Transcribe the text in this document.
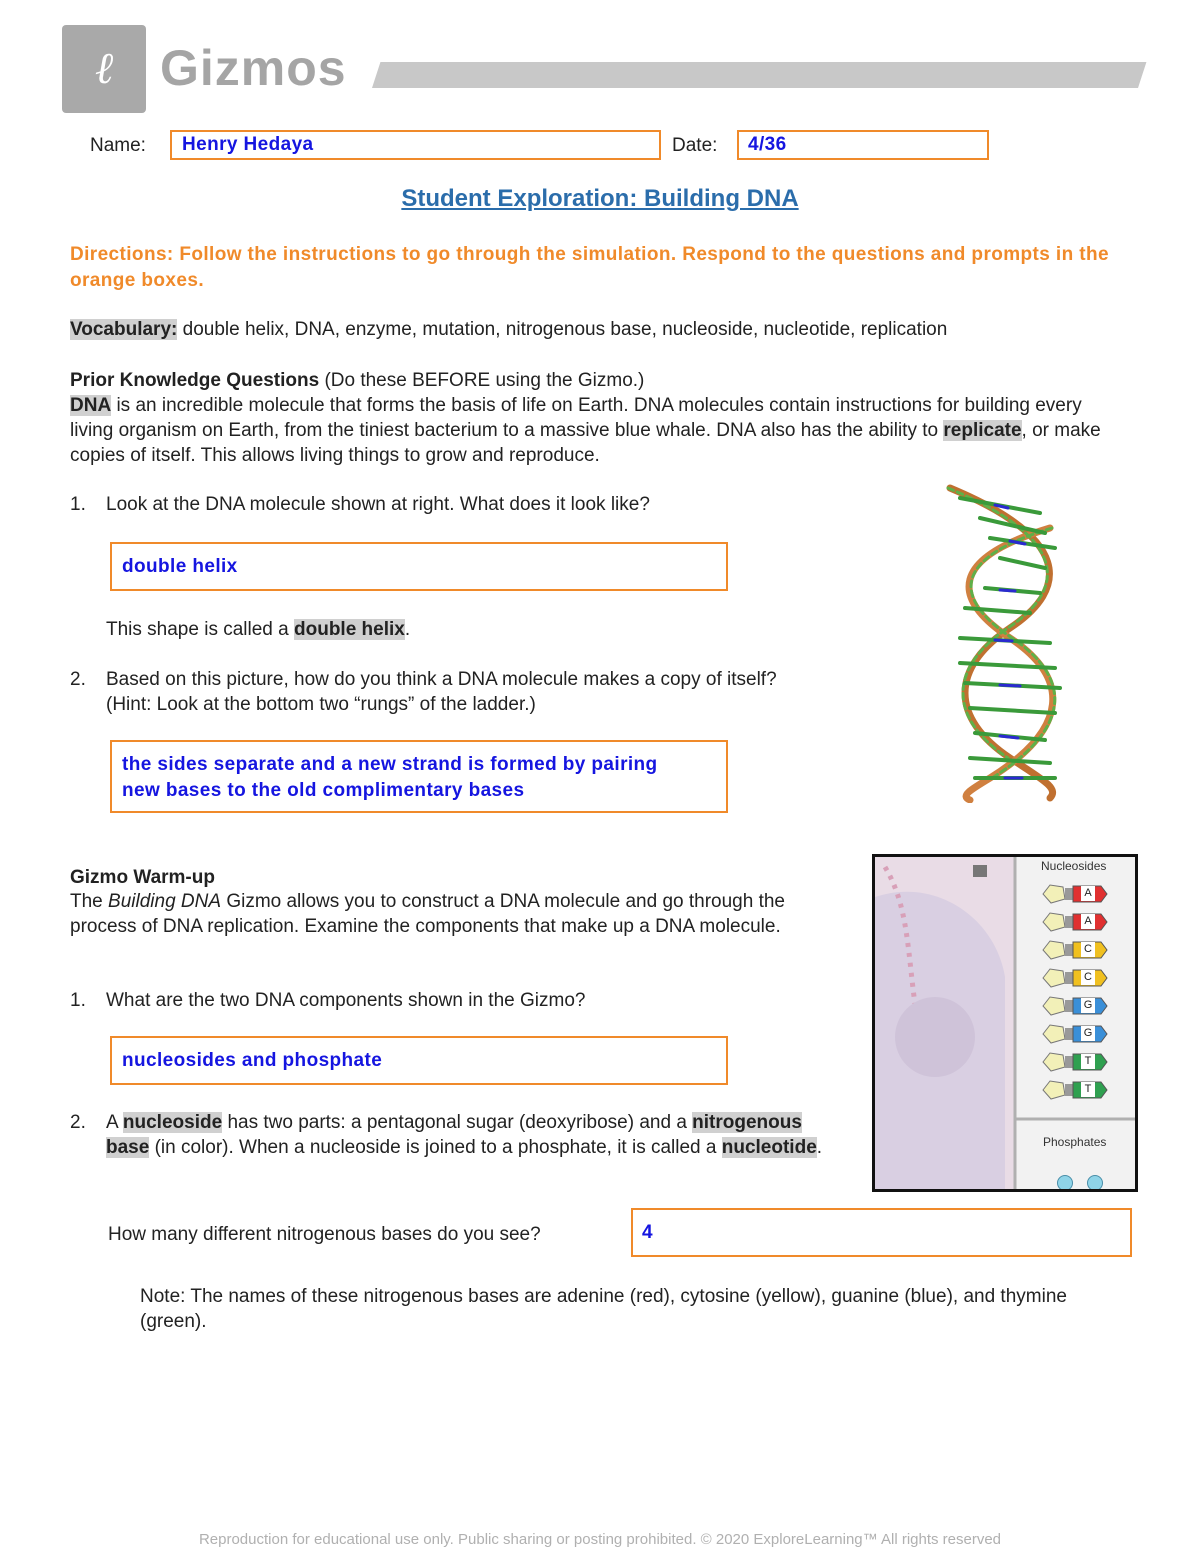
ℓ Gizmos
Name: Henry Hedaya	Date: 4/36
Student Exploration: Building DNA
Directions: Follow the instructions to go through the simulation. Respond to the questions and prompts in the orange boxes.
Vocabulary: double helix, DNA, enzyme, mutation, nitrogenous base, nucleoside, nucleotide, replication
Prior Knowledge Questions (Do these BEFORE using the Gizmo.)
DNA is an incredible molecule that forms the basis of life on Earth. DNA molecules contain instructions for building every living organism on Earth, from the tiniest bacterium to a massive blue whale. DNA also has the ability to replicate, or make copies of itself. This allows living things to grow and reproduce.
1. Look at the DNA molecule shown at right. What does it look like?
double helix
This shape is called a double helix.
2. Based on this picture, how do you think a DNA molecule makes a copy of itself?
(Hint: Look at the bottom two “rungs” of the ladder.)
the sides separate and a new strand is formed by pairing
new bases to the old complimentary bases
Gizmo Warm-up
The Building DNA Gizmo allows you to construct a DNA molecule and go through the process of DNA replication. Examine the components that make up a DNA molecule.
1. What are the two DNA components shown in the Gizmo?
nucleosides and phosphate
2. A nucleoside has two parts: a pentagonal sugar (deoxyribose) and a nitrogenous base (in color). When a nucleoside is joined to a phosphate, it is called a nucleotide.
How many different nitrogenous bases do you see?	4
Note: The names of these nitrogenous bases are adenine (red), cytosine (yellow), guanine (blue), and thymine (green).
Nucleosides
Phosphates
A
A
C
C
G
G
T
T
Reproduction for educational use only. Public sharing or posting prohibited. © 2020 ExploreLearning™ All rights reserved
